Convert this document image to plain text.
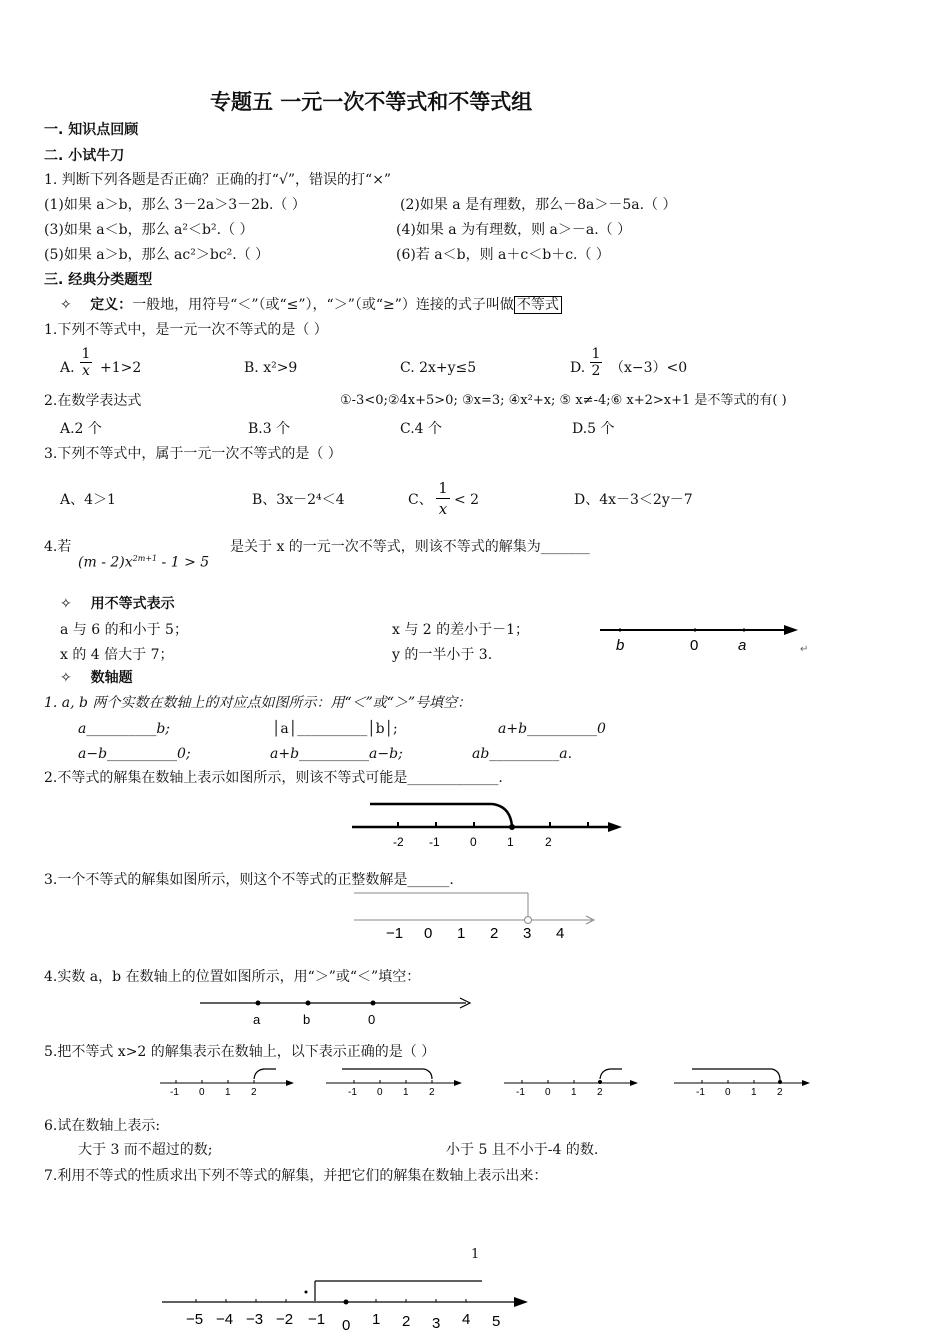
专题五 一元一次不等式和不等式组
一. 知识点回顾
二. 小试牛刀
1. 判断下列各题是否正确？正确的打“√”，错误的打“×”
(1)如果 a＞b，那么 3－2a＞3－2b.（ ）	(2)如果 a 是有理数，那么－8a＞－5a.（ ）
(3)如果 a＜b，那么 a²＜b².（ ）	(4)如果 a 为有理数，则 a＞－a.（ ）
(5)如果 a＞b，那么 ac²＞bc².（ ）	(6)若 a＜b，则 a＋c＜b＋c.（ ）
三. 经典分类题型
✧ 定义：一般地，用符号“＜”（或“≤”），“＞”（或“≥”）连接的式子叫做 不等式
1.下列不等式中，是一元一次不等式的是（ ）
A. $\frac{1}{x} +1>2$	B. x²>9	C. 2x+y≤5	D. $\frac{1}{2} (x-3)<0$
2.在数学表达式	①-3<0;②4x+5>0; ③x=3; ④x²+x; ⑤ x≠-4;⑥ x+2>x+1 是不等式的有( )
A.2 个	B.3 个	C.4 个	D.5 个
3.下列不等式中，属于一元一次不等式的是（ ）
A、4＞1	B、3x－2⁴＜4	C、 $\frac{1}{x} < 2$	D、4x－3＜2y－7
4.若
$(m - 2)x^{2m+1} - 1 > 5$
是关于 x 的一元一次不等式，则该不等式的解集为_______
✧ 用不等式表示
a 与 6 的和小于 5；	x 与 2 的差小于－1；
x 的 4 倍大于 7；	y 的一半小于 3.
b	0	a	↵
✧ 数轴题
1. a, b 两个实数在数轴上的对应点如图所示：用“＜”或“＞”号填空：
a__________b;	│a│__________│b│;	a+b__________0
a−b__________0;	a+b__________a−b;	ab__________a.
2.不等式的解集在数轴上表示如图所示，则该不等式可能是_____________.
-2 -1	0	1	2
3.一个不等式的解集如图所示，则这个不等式的正整数解是______.
−1 0 1 2 3 4
4.实数 a，b 在数轴上的位置如图所示，用“＞”或“＜”填空：
a	b	0
5.把不等式 x>2 的解集表示在数轴上，以下表示正确的是（ ）
-1 0 1 2	-1 0 1 2	-1 0 1 2	-1 0 1 2
6.试在数轴上表示:
大于 3 而不超过的数;	小于 5 且不小于-4 的数.
7.利用不等式的性质求出下列不等式的解集，并把它们的解集在数轴上表示出来：
1
−5 −4 −3 −2 −1 0 1 2 3 4 5
